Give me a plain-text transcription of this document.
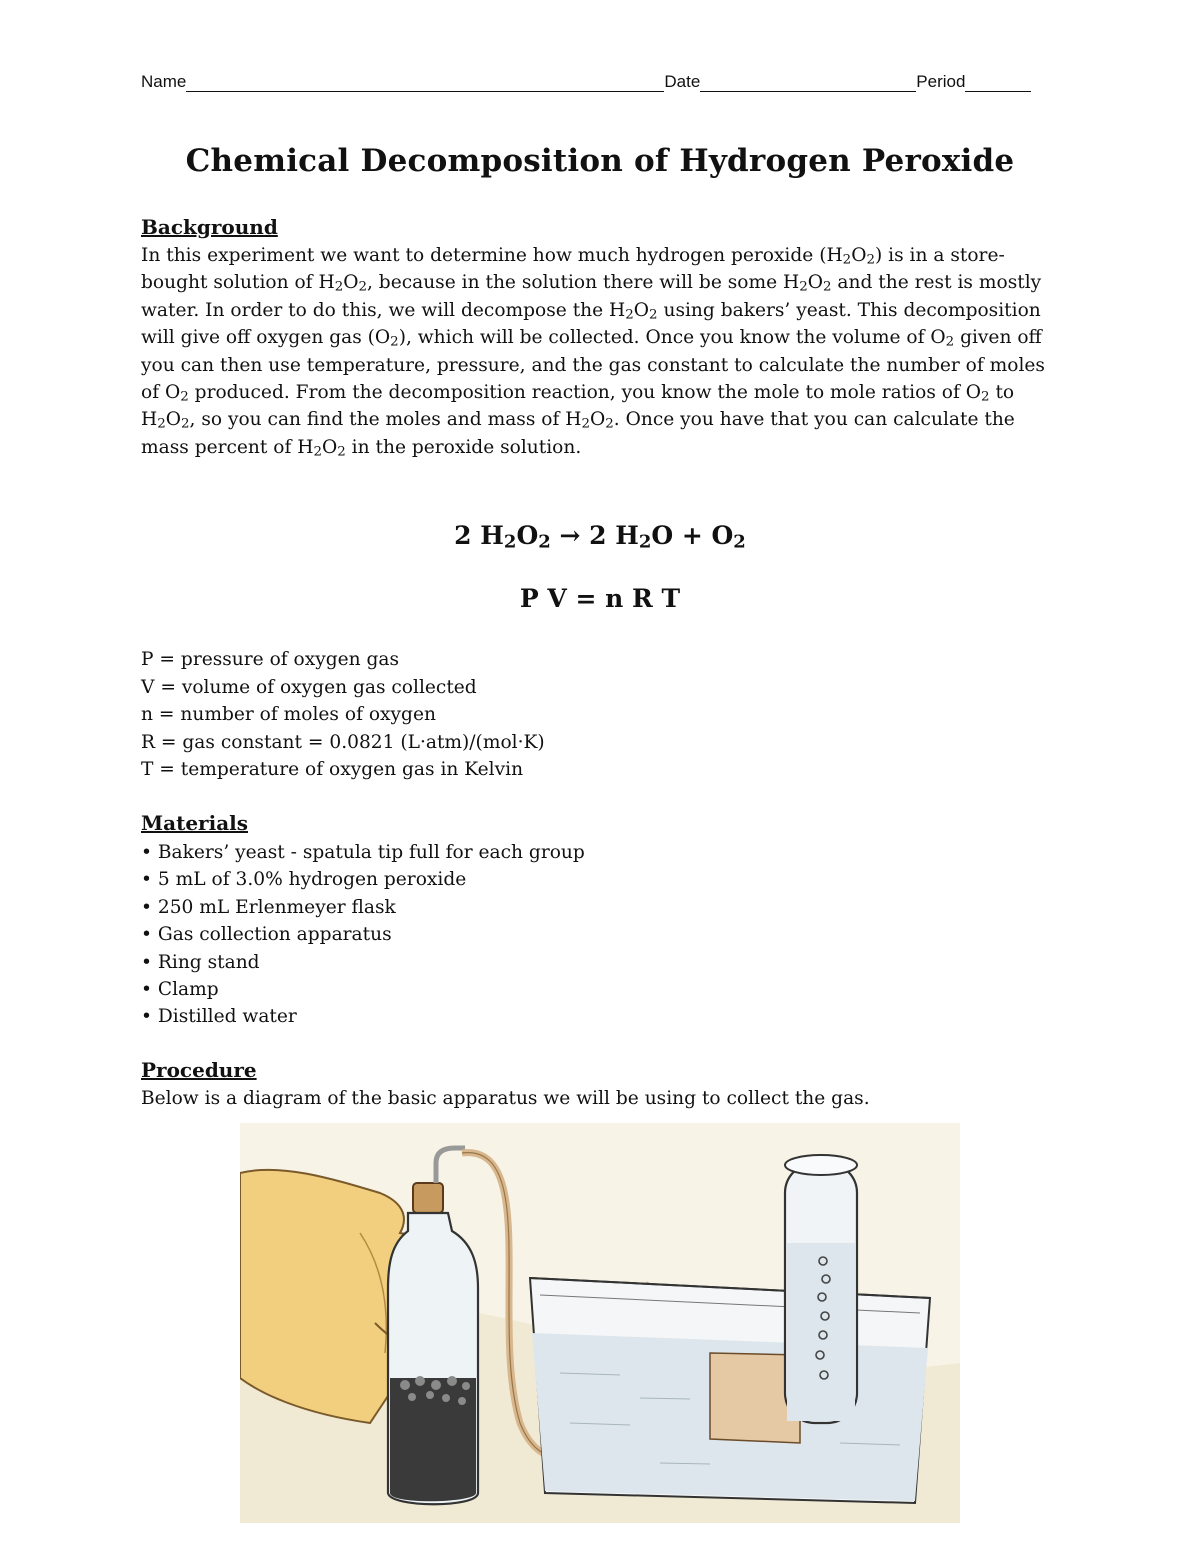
Name	Date	Period
Chemical Decomposition of Hydrogen Peroxide
Background

In this experiment we want to determine how much hydrogen peroxide $(H_2O_2)$ is in a store-bought solution of $H_2O_2$, because in the solution there will be some $H_2O_2$ and the rest is mostly water. In order to do this, we will decompose the $H_2O_2$ using bakers’ yeast. This decomposition will give off oxygen gas $(O_2)$, which will be collected. Once you know the volume of $O_2$ given off you can then use temperature, pressure, and the gas constant to calculate the number of moles of $O_2$ produced. From the decomposition reaction, you know the mole to mole ratios of $O_2$ to $H_2O_2$, so you can find the moles and mass of $H_2O_2$. Once you have that you can calculate the mass percent of $H_2O_2$ in the peroxide solution.

2 $H_2O_2 \to 2$ $H_2O + O_2$
P V = n R T
P = pressure of oxygen gas
V = volume of oxygen gas collected
n = number of moles of oxygen
R = gas constant = 0.0821 (L·atm)/(mol·K)
T = temperature of oxygen gas in Kelvin
Materials
• Bakers’ yeast - spatula tip full for each group
• 5 mL of 3.0% hydrogen peroxide
• 250 mL Erlenmeyer flask
• Gas collection apparatus
• Ring stand
• Clamp
• Distilled water
Procedure
Below is a diagram of the basic apparatus we will be using to collect the gas.
